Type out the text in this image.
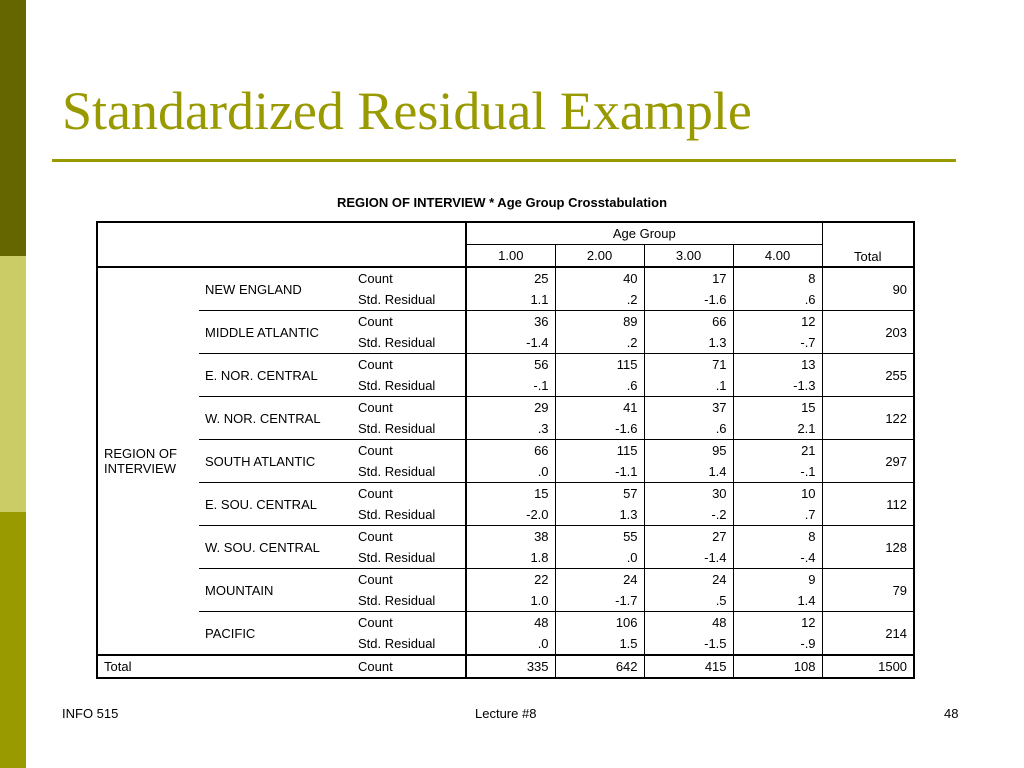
Standardized Residual Example
REGION OF INTERVIEW * Age Group Crosstabulation
			Age Group				Total
			1.00	2.00	3.00	4.00	

REGION OF
INTERVIEW	NEW ENGLAND	Count	25	40	17	8	90
		Std. Residual	1.1	.2	-1.6	.6	
	MIDDLE ATLANTIC	Count	36	89	66	12	203
		Std. Residual	-1.4	.2	1.3	-.7	
	E. NOR. CENTRAL	Count	56	115	71	13	255
		Std. Residual	-.1	.6	.1	-1.3	
	W. NOR. CENTRAL	Count	29	41	37	15	122
		Std. Residual	.3	-1.6	.6	2.1	
	SOUTH ATLANTIC	Count	66	115	95	21	297
		Std. Residual	.0	-1.1	1.4	-.1	
	E. SOU. CENTRAL	Count	15	57	30	10	112
		Std. Residual	-2.0	1.3	-.2	.7	
	W. SOU. CENTRAL	Count	38	55	27	8	128
		Std. Residual	1.8	.0	-1.4	-.4	
	MOUNTAIN	Count	22	24	24	9	79
		Std. Residual	1.0	-1.7	.5	1.4	
	PACIFIC	Count	48	106	48	12	214
		Std. Residual	.0	1.5	-1.5	-.9	
Total		Count	335	642	415	108	1500
INFO 515	Lecture #8	48
